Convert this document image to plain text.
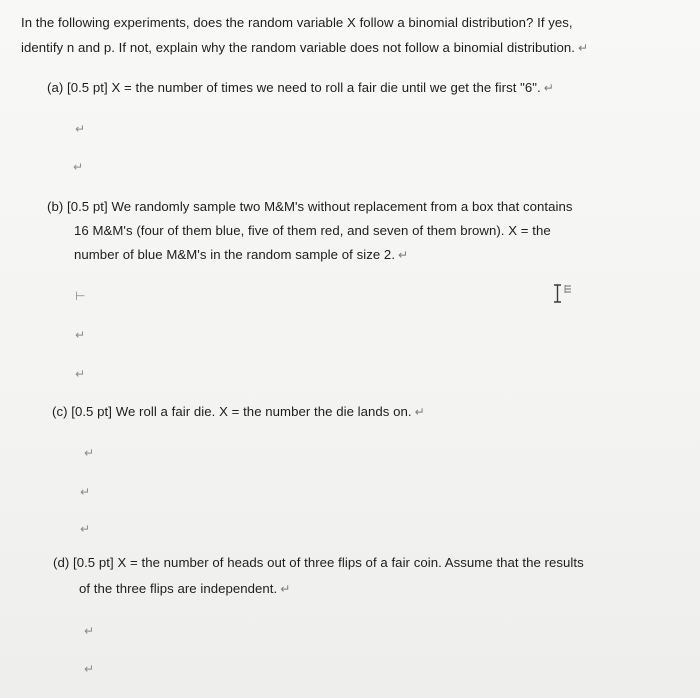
In the following experiments, does the random variable X follow a binomial distribution? If yes,
identify n and p. If not, explain why the random variable does not follow a binomial distribution. ↵
(a) [0.5 pt] X = the number of times we need to roll a fair die until we get the first "6". ↵
↵
↵
(b) [0.5 pt] We randomly sample two M&M's without replacement from a box that contains
16 M&M's (four of them blue, five of them red, and seven of them brown). X = the
number of blue M&M's in the random sample of size 2. ↵
⊢
↵
↵
(c) [0.5 pt] We roll a fair die. X = the number the die lands on. ↵
↵
↵
↵
(d) [0.5 pt] X = the number of heads out of three flips of a fair coin. Assume that the results
of the three flips are independent. ↵
↵
↵
